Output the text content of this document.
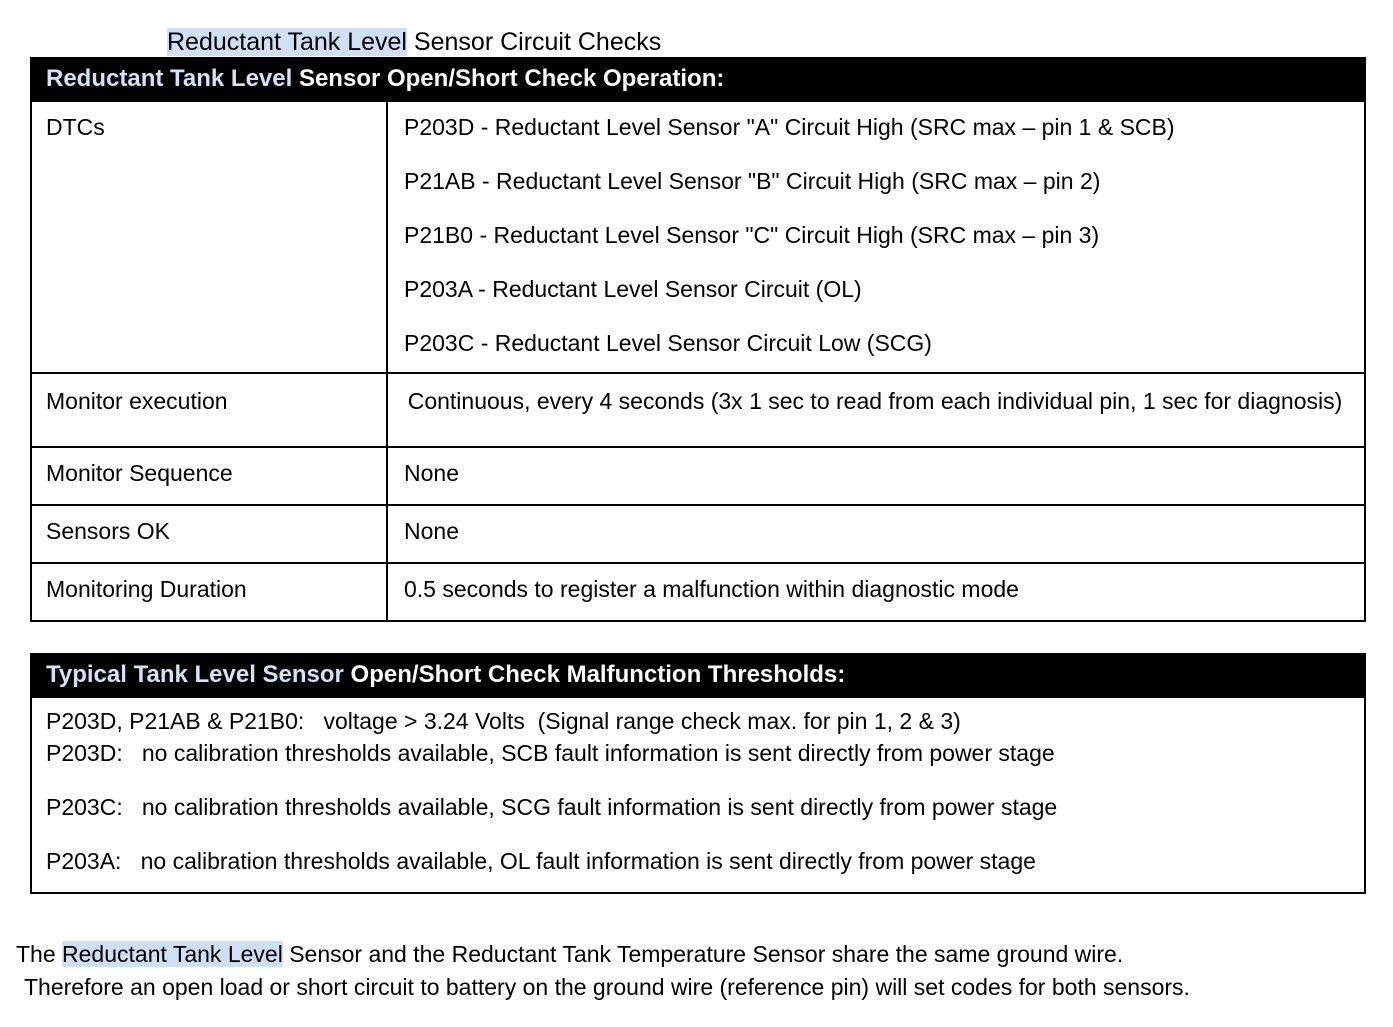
Reductant Tank Level Sensor Circuit Checks
Reductant Tank Level Sensor Open/Short Check Operation:
DTCs	P203D - Reductant Level Sensor "A" Circuit High (SRC max – pin 1 & SCB)

P21AB - Reductant Level Sensor "B" Circuit High (SRC max – pin 2)

P21B0 - Reductant Level Sensor "C" Circuit High (SRC max – pin 3)

P203A - Reductant Level Sensor Circuit (OL)

P203C - Reductant Level Sensor Circuit Low (SCG)

Monitor execution	Continuous, every 4 seconds (3x 1 sec to read from each individual pin, 1 sec for diagnosis)
Monitor Sequence	None
Sensors OK	None
Monitoring Duration	0.5 seconds to register a malfunction within diagnostic mode
Typical Tank Level Sensor Open/Short Check Malfunction Thresholds:

P203D, P21AB & P21B0:   voltage > 3.24 Volts  (Signal range check max. for pin 1, 2 & 3)

P203D:   no calibration thresholds available, SCB fault information is sent directly from power stage

P203C:   no calibration thresholds available, SCG fault information is sent directly from power stage

P203A:   no calibration thresholds available, OL fault information is sent directly from power stage

The Reductant Tank Level Sensor and the Reductant Tank Temperature Sensor share the same ground wire.
Therefore an open load or short circuit to battery on the ground wire (reference pin) will set codes for both sensors.
